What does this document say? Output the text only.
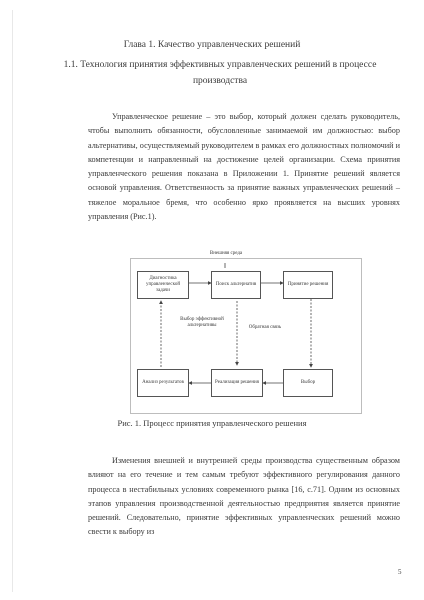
Глава 1. Качество управленческих решений
1.1. Технология принятия эффективных управленческих решений в процессе производства
Управленческое решение – это выбор, который должен сделать руководитель, чтобы выполнить обязанности, обусловленные занимаемой им должностью: выбор альтернативы, осуществляемый руководителем в рамках его должностных полномочий и компетенции и направленный на достижение целей организации. Схема принятия управленческого решения показана в Приложении 1. Принятие решений является основой управления. Ответственность за принятие важных управленческих решений – тяжелое моральное бремя, что особенно ярко проявляется на высших уровнях управления (Рис.1).
Диагностика управленческой задачи
Поиск альтернатив	Принятие решения
Анализ результатов	Реализация решения	Выбор
Внешняя среда
Выбор эффективной альтернативы	Обратная связь
Рис. 1. Процесс принятия управленческого решения
Изменения внешней и внутренней среды производства существенным образом влияют на его течение и тем самым требуют эффективного регулирования данного процесса в нестабильных условиях современного рынка [16, с.71]. Одним из основных этапов управления производственной деятельностью предприятия является принятие решений. Следовательно, принятие эффективных управленческих решений можно свести к выбору из
5
